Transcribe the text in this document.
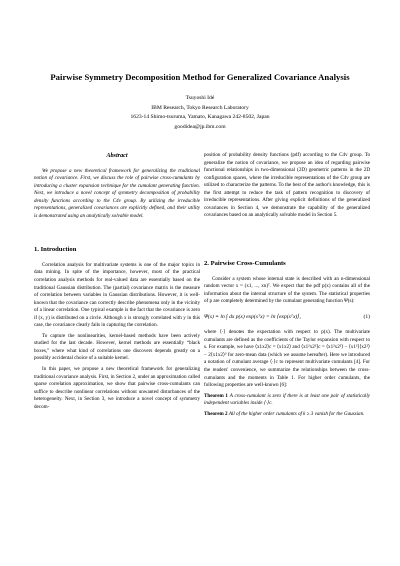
Pairwise Symmetry Decomposition Method for Generalized Covariance Analysis
Tsuyoshi Idé
IBM Research, Tokyo Research Laboratory
1623-14 Shimo-tsuruma, Yamato, Kanagawa 242-8502, Japan
goodidea@jp.ibm.com
Abstract

We propose a new theoretical framework for generalizing the traditional notion of covariance. First, we discuss the role of pairwise cross-cumulants by introducing a cluster expansion technique for the cumulant generating function. Next, we introduce a novel concept of symmetry decomposition of probability density functions according to the C4v group. By utilizing the irreducible representations, generalized covariances are explicitly defined, and their utility is demonstrated using an analytically solvable model.

1. Introduction

Correlation analysis for multivariate systems is one of the major topics in data mining. In spite of the importance, however, most of the practical correlation analysis methods for real-valued data are essentially based on the traditional Gaussian distribution. The (partial) covariance matrix is the measure of correlation between variables in Gaussian distributions. However, it is well-known that the covariance can correctly describe phenomena only in the vicinity of a linear correlation. One typical example is the fact that the covariance is zero if (x, y) is distributed on a circle. Although x is strongly correlated with y in this case, the covariance clearly fails in capturing the correlation.

To capture the nonlinearities, kernel-based methods have been actively studied for the last decade. However, kernel methods are essentially “black boxes,” where what kind of correlations one discovers depends greatly on a possibly accidental choice of a suitable kernel.

In this paper, we propose a new theoretical framework for generalizing traditional covariance analysis. First, in Section 2, under an approximation called sparse correlation approximation, we show that pairwise cross-cumulants can suffice to describe nonlinear correlations without unwanted disturbances of the heterogeneity. Next, in Section 3, we introduce a novel concept of symmetry decom-

position of probability density functions (pdf) according to the C4v group. To generalize the notion of covariance, we propose an idea of regarding pairwise functional relationships in two-dimensional (2D) geometric patterns in the 2D configuration spaces, where the irreducible representations of the C4v group are utilized to characterize the patterns. To the best of the author's knowledge, this is the first attempt to reduce the task of pattern recognition to discovery of irreducible representations. After giving explicit definitions of the generalized covariances in Section 4, we demonstrate the capability of the generalized covariances based on an analytically solvable model in Section 5.

2. Pairwise Cross-Cumulants

Consider a system whose internal state is described with an n-dimensional random vector x = (x1, ..., xn)ᵀ. We expect that the pdf p(x) contains all of the information about the internal structure of the system. The statistical properties of p are completely determined by the cumulant generating function Ψ(s):

Ψ(s) ≡ ln ∫ dx p(x) exp(sᵀx) = ln ⟨exp(sᵀx)⟩,	(1)

where ⟨·⟩ denotes the expectation with respect to p(x). The multivariate cumulants are defined as the coefficients of the Taylor expansion with respect to s. For example, we have ⟨x1x2⟩c = ⟨x1x2⟩ and ⟨x1²x2²⟩c = ⟨x1²x2²⟩ − ⟨x1²⟩⟨x2²⟩ − 2⟨x1x2⟩² for zero-mean data (which we assume hereafter). Here we introduced a notation of cumulant average ⟨·⟩c to represent multivariate cumulants [4]. For the readers' convenience, we summarize the relationships between the cross-cumulants and the moments in Table 1. For higher order cumulants, the following properties are well-known [6]:

Theorem 1 A cross-cumulant is zero if there is at least one pair of statistically independent variables inside ⟨·⟩c.
Theorem 2 All of the higher order cumulants of k ≥ 3 vanish for the Gaussian.
